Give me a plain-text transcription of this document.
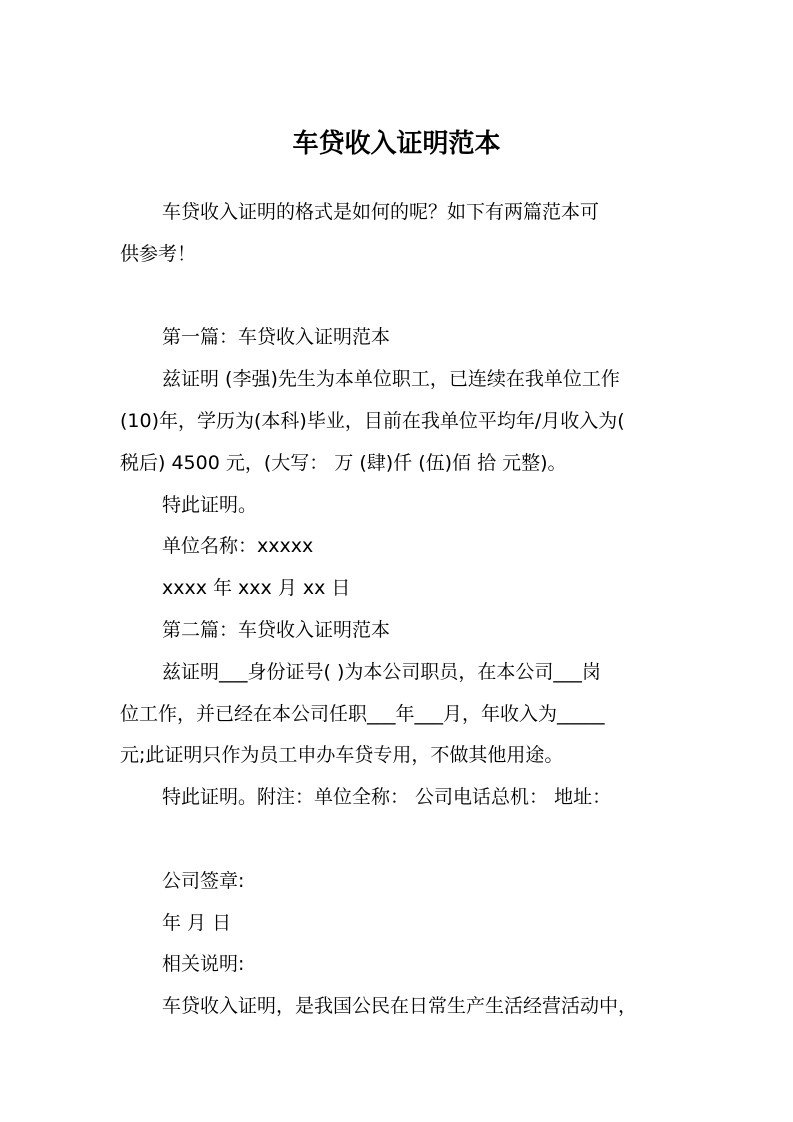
车贷收入证明范本
车贷收入证明的格式是如何的呢？如下有两篇范本可
供参考！
第一篇：车贷收入证明范本
兹证明 (李强)先生为本单位职工，已连续在我单位工作
(10)年，学历为(本科)毕业，目前在我单位平均年/月收入为(
税后) 4500 元，(大写： 万 (肆)仟 (伍)佰 拾 元整)。
特此证明。
单位名称：xxxxx
xxxx 年 xxx 月 xx 日
第二篇：车贷收入证明范本
兹证明___身份证号( )为本公司职员，在本公司___岗
位工作，并已经在本公司任职___年___月，年收入为_____
元;此证明只作为员工申办车贷专用，不做其他用途。
特此证明。附注：单位全称： 公司电话总机： 地址：
公司签章:
年 月 日
相关说明:
车贷收入证明，是我国公民在日常生产生活经营活动中，
